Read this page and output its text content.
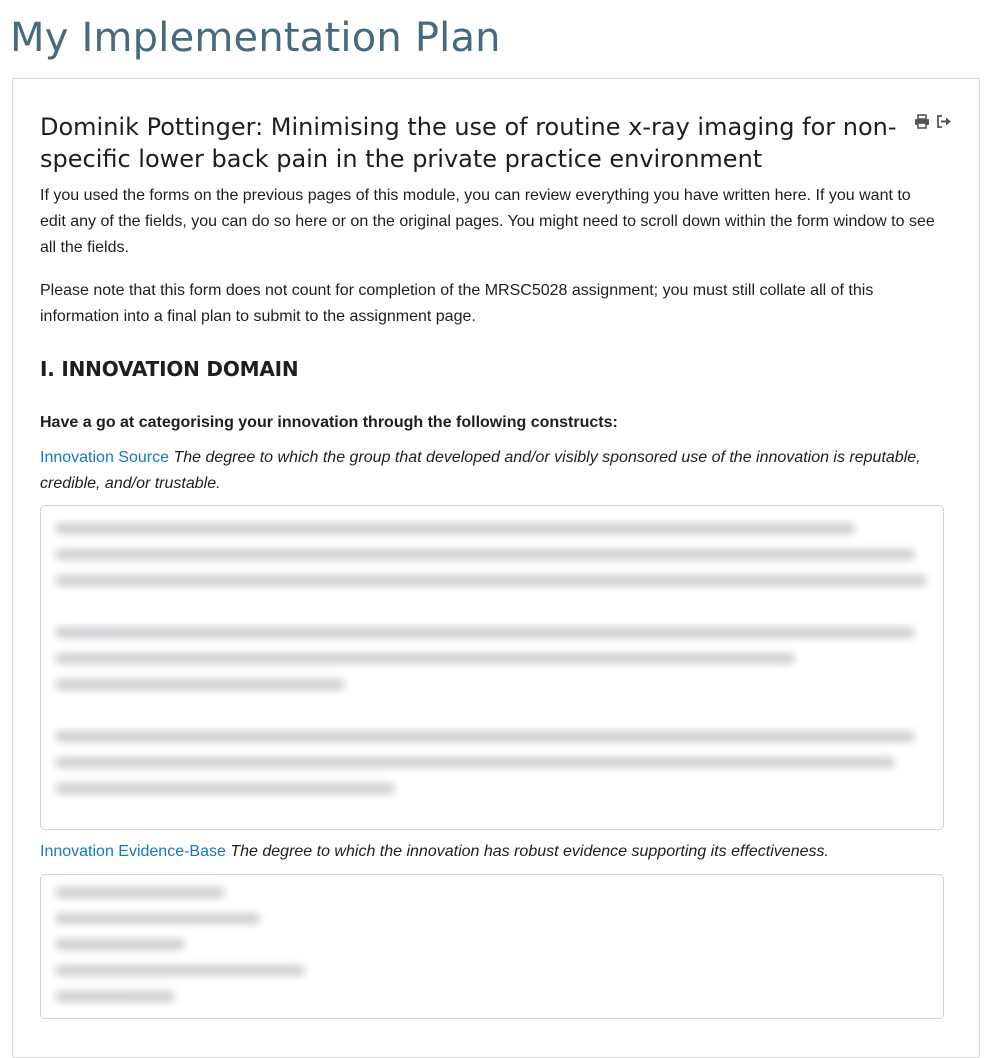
My Implementation Plan
Dominik Pottinger: Minimising the use of routine x-ray imaging for non-specific lower back pain in the private practice environment

If you used the forms on the previous pages of this module, you can review everything you have written here. If you want to edit any of the fields, you can do so here or on the original pages. You might need to scroll down within the form window to see all the fields.

Please note that this form does not count for completion of the MRSC5028 assignment; you must still collate all of this information into a final plan to submit to the assignment page.

I. INNOVATION DOMAIN

Have a go at categorising your innovation through the following constructs:

Innovation Source The degree to which the group that developed and/or visibly sponsored use of the innovation is reputable, credible, and/or trustable.

Innovation Evidence-Base The degree to which the innovation has robust evidence supporting its effectiveness.
